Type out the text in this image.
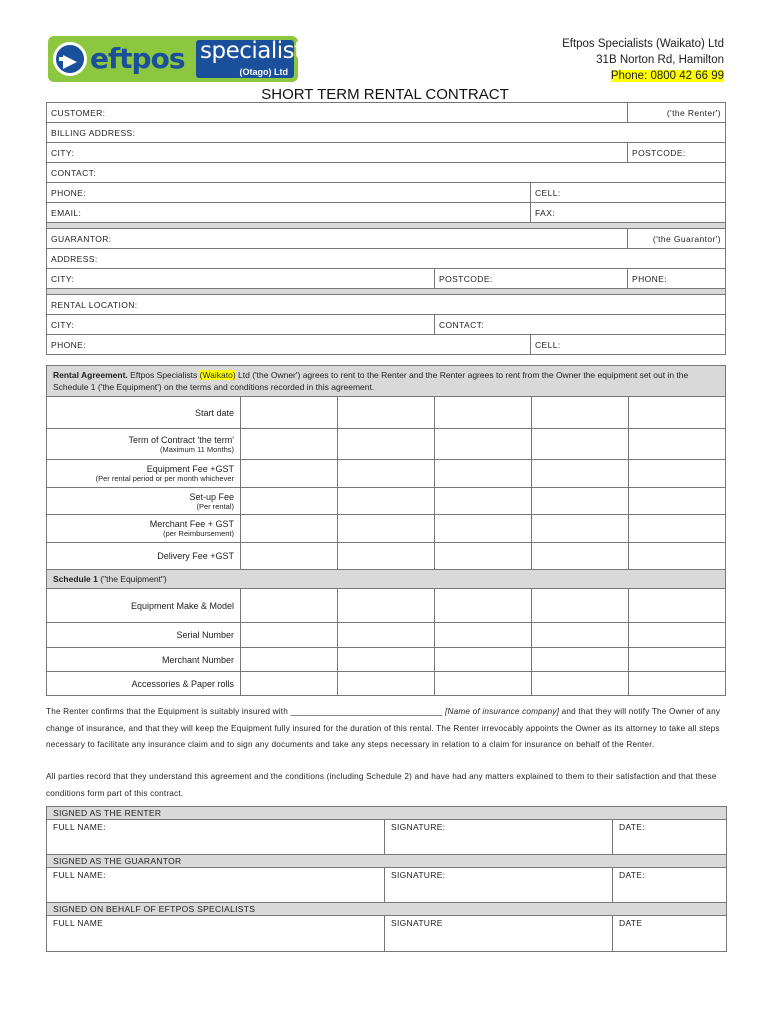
eftpos specialists
(Otago) Ltd
Eftpos Specialists (Waikato) Ltd
31B Norton Rd, Hamilton
Phone: 0800 42 66 99
SHORT TERM RENTAL CONTRACT
CUSTOMER:			('the Renter')
BILLING ADDRESS:			
CITY:			POSTCODE:
CONTACT:			
PHONE:		CELL:	
EMAIL:		FAX:	

GUARANTOR:			('the Guarantor')
ADDRESS:			
CITY:	POSTCODE:		PHONE:

RENTAL LOCATION:			
CITY:	CONTACT:		
PHONE:		CELL:	
Rental Agreement. Eftpos Specialists (Waikato) Ltd ('the Owner') agrees to rent to the Renter and the Renter agrees to rent from the Owner the equipment set out in the Schedule 1 ('the Equipment') on the terms and conditions recorded in this agreement.					
Start date					
Term of Contract 'the term'
(Maximum 11 Months)					

Equipment Fee +GST
(Per rental period or per month whichever					

Set-up Fee
(Per rental)					

Merchant Fee + GST
(per Reimbursement)					

Delivery Fee +GST					
Schedule 1 ("the Equipment")					
Equipment Make & Model					
Serial Number					
Merchant Number					
Accessories & Paper rolls					
The Renter confirms that the Equipment is suitably insured with ________________________________ [Name of insurance company] and that they will notify The Owner of any change of insurance, and that they will keep the Equipment fully insured for the duration of this rental. The Renter irrevocably appoints the Owner as its attorney to take all steps necessary to facilitate any insurance claim and to sign any documents and take any steps necessary in relation to a claim for insurance on behalf of the Renter.
All parties record that they understand this agreement and the conditions (including Schedule 2) and have had any matters explained to them to their satisfaction and that these conditions form part of this contract.
SIGNED AS THE RENTER
FULL NAME:	SIGNATURE:	DATE:
SIGNED AS THE GUARANTOR
FULL NAME:	SIGNATURE:	DATE:
SIGNED ON BEHALF OF EFTPOS SPECIALISTS
FULL NAME	SIGNATURE	DATE
